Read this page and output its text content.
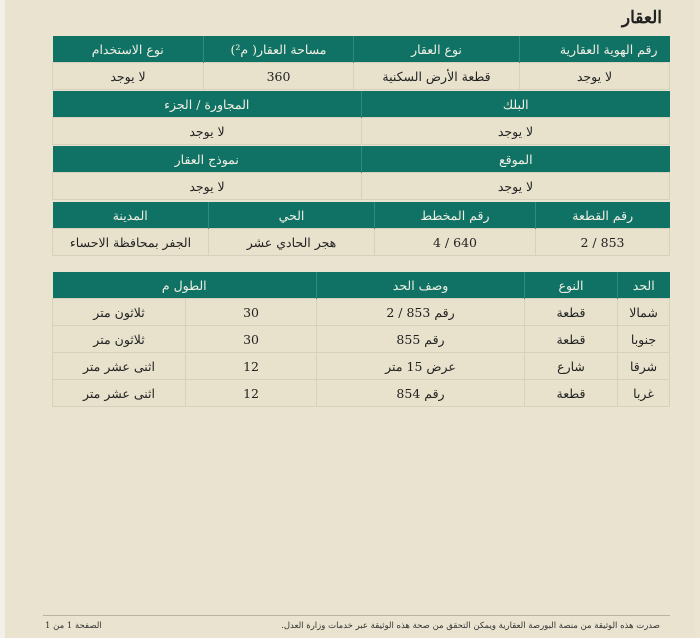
العقار
رقم الهوية العقارية	نوع العقار	مساحة العقار( م²)	نوع الاستخدام
لا يوجد	قطعة الأرض السكنية	360	لا يوجد
البلك	المجاورة / الجزء
لا يوجد	لا يوجد
الموقع	نموذج العقار
لا يوجد	لا يوجد
رقم القطعة	رقم المخطط	الحي	المدينة
2 / 853	4 / 640	هجر الحادي عشر	الجفر بمحافظة الاحساء
الحد	النوع	وصف الحد	الطول م	
شمالا	قطعة	رقم 853 / 2	30	ثلاثون متر
جنوبا	قطعة	رقم 855	30	ثلاثون متر
شرقا	شارع	عرض 15 متر	12	اثنى عشر متر
غربا	قطعة	رقم 854	12	اثنى عشر متر
صدرت هذه الوثيقة من منصة البورصة العقارية ويمكن التحقق من صحة هذه الوثيقة عبر خدمات وزارة العدل.
الصفحة 1 من 1
